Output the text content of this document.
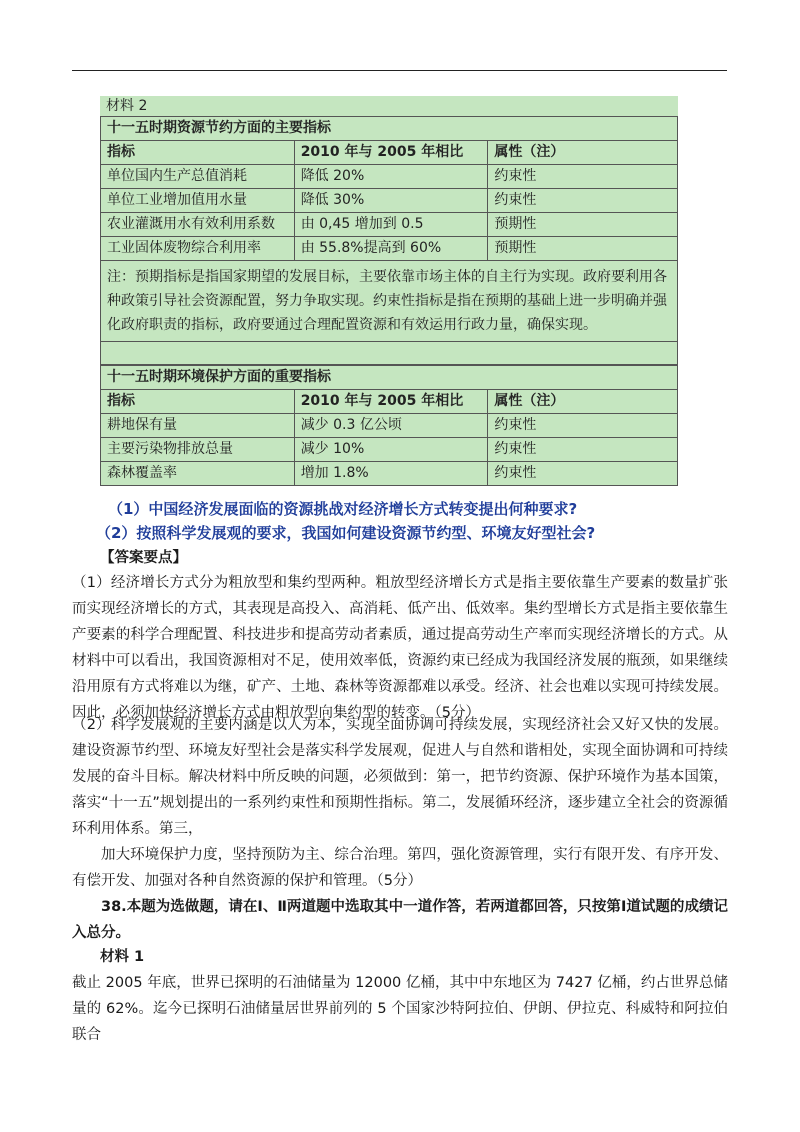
材料 2
十一五时期资源节约方面的主要指标		
指标	2010 年与 2005 年相比	属性（注）
单位国内生产总值消耗	降低 20%	约束性
单位工业增加值用水量	降低 30%	约束性
农业灌溉用水有效利用系数	由 0,45 增加到 0.5	预期性
工业固体废物综合利用率	由 55.8%提高到 60%	预期性
注：预期指标是指国家期望的发展目标，主要依靠市场主体的自主行为实现。政府要利用各种政策引导社会资源配置，努力争取实现。约束性指标是指在预期的基础上进一步明确并强化政府职责的指标，政府要通过合理配置资源和有效运用行政力量，确保实现。		

十一五时期环境保护方面的重要指标		
指标	2010 年与 2005 年相比	属性（注）
耕地保有量	减少 0.3 亿公顷	约束性
主要污染物排放总量	减少 10%	约束性
森林覆盖率	增加 1.8%	约束性
（1）中国经济发展面临的资源挑战对经济增长方式转变提出何种要求?
（2）按照科学发展观的要求，我国如何建设资源节约型、环境友好型社会?
【答案要点】

（1）经济增长方式分为粗放型和集约型两种。粗放型经济增长方式是指主要依靠生产要素的数量扩张而实现经济增长的方式，其表现是高投入、高消耗、低产出、低效率。集约型增长方式是指主要依靠生产要素的科学合理配置、科技进步和提高劳动者素质，通过提高劳动生产率而实现经济增长的方式。从材料中可以看出，我国资源相对不足，使用效率低，资源约束已经成为我国经济发展的瓶颈，如果继续沿用原有方式将难以为继，矿产、土地、森林等资源都难以承受。经济、社会也难以实现可持续发展。因此，必须加快经济增长方式由粗放型向集约型的转变。（5分）

（2）科学发展观的主要内涵是以人为本，实现全面协调可持续发展，实现经济社会又好又快的发展。建设资源节约型、环境友好型社会是落实科学发展观，促进人与自然和谐相处，实现全面协调和可持续发展的奋斗目标。解决材料中所反映的问题，必须做到：第一，把节约资源、保护环境作为基本国策，落实“十一五”规划提出的一系列约束性和预期性指标。第二，发展循环经济，逐步建立全社会的资源循环利用体系。第三，

加大环境保护力度，坚持预防为主、综合治理。第四，强化资源管理，实行有限开发、有序开发、有偿开发、加强对各种自然资源的保护和管理。（5分）

38.本题为选做题，请在Ⅰ、Ⅱ两道题中选取其中一道作答，若两道都回答，只按第Ⅰ道试题的成绩记入总分。

材料 1

截止 2005 年底，世界已探明的石油储量为 12000 亿桶，其中中东地区为 7427 亿桶，约占世界总储量的 62%。迄今已探明石油储量居世界前列的 5 个国家沙特阿拉伯、伊朗、伊拉克、科威特和阿拉伯联合
